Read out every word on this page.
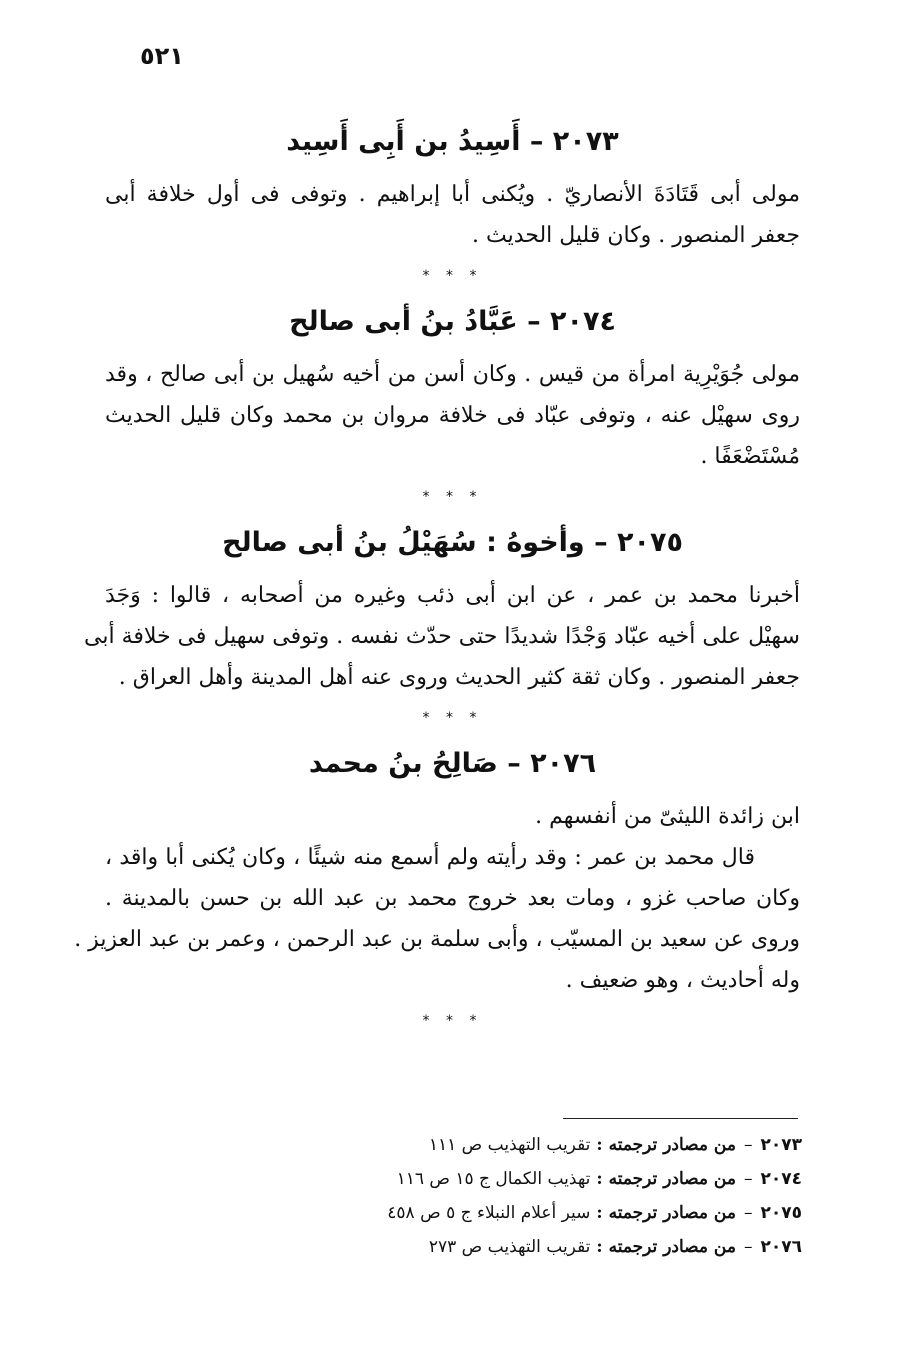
٥٢١
٢٠٧٣ – أَسِيدُ بن أَبِى أَسِيد

مولى أبى قَتَادَةَ الأنصاريّ . ويُكنى أبا إبراهيم . وتوفى فى أول خلافة أبى

جعفر المنصور . وكان قليل الحديث .

* * *
٢٠٧٤ – عَبَّادُ بنُ أبى صالح

مولى جُوَيْرِية امرأة من قيس . وكان أسن من أخيه سُهيل بن أبى صالح ، وقد

روى سهيْل عنه ، وتوفى عبّاد فى خلافة مروان بن محمد وكان قليل الحديث

مُسْتَضْعَفًا .

* * *
٢٠٧٥ – وأخوهُ : سُهَيْلُ بنُ أبى صالح

أخبرنا محمد بن عمر ، عن ابن أبى ذئب وغيره من أصحابه ، قالوا : وَجَدَ

سهيْل على أخيه عبّاد وَجْدًا شديدًا حتى حدّث نفسه . وتوفى سهيل فى خلافة أبى

جعفر المنصور . وكان ثقة كثير الحديث وروى عنه أهل المدينة وأهل العراق .

* * *
٢٠٧٦ – صَالِحُ بنُ محمد

ابن زائدة الليثىّ من أنفسهم .

قال محمد بن عمر : وقد رأيته ولم أسمع منه شيئًا ، وكان يُكنى أبا واقد ،

وكان صاحب غزو ، ومات بعد خروج محمد بن عبد الله بن حسن بالمدينة .

وروى عن سعيد بن المسيّب ، وأبى سلمة بن عبد الرحمن ، وعمر بن عبد العزيز .

وله أحاديث ، وهو ضعيف .

* * *
٢٠٧٣–من مصادر ترجمته :تقريب التهذيب ص ١١١
٢٠٧٤–من مصادر ترجمته :تهذيب الكمال ج ١٥ ص ١١٦
٢٠٧٥–من مصادر ترجمته :سير أعلام النبلاء ج ٥ ص ٤٥٨
٢٠٧٦–من مصادر ترجمته :تقريب التهذيب ص ٢٧٣
